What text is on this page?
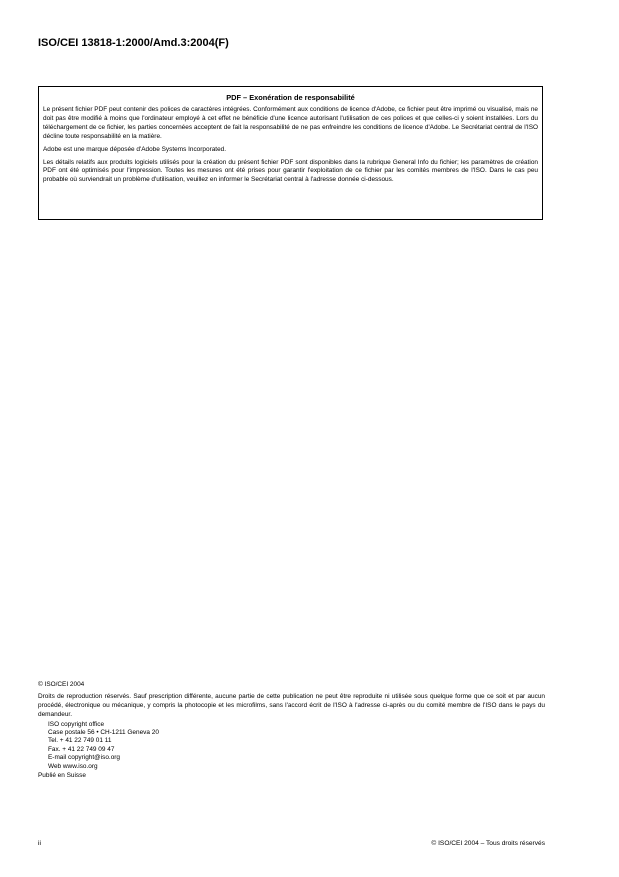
ISO/CEI 13818-1:2000/Amd.3:2004(F)
PDF – Exonération de responsabilité

Le présent fichier PDF peut contenir des polices de caractères intégrées. Conformément aux conditions de licence d'Adobe, ce fichier peut être imprimé ou visualisé, mais ne doit pas être modifié à moins que l'ordinateur employé à cet effet ne bénéficie d'une licence autorisant l'utilisation de ces polices et que celles-ci y soient installées. Lors du téléchargement de ce fichier, les parties concernées acceptent de fait la responsabilité de ne pas enfreindre les conditions de licence d'Adobe. Le Secrétariat central de l'ISO décline toute responsabilité en la matière.

Adobe est une marque déposée d'Adobe Systems Incorporated.

Les détails relatifs aux produits logiciels utilisés pour la création du présent fichier PDF sont disponibles dans la rubrique General Info du fichier; les paramètres de création PDF ont été optimisés pour l'impression. Toutes les mesures ont été prises pour garantir l'exploitation de ce fichier par les comités membres de l'ISO. Dans le cas peu probable où surviendrait un problème d'utilisation, veuillez en informer le Secrétariat central à l'adresse donnée ci-dessous.

© ISO/CEI 2004

Droits de reproduction réservés. Sauf prescription différente, aucune partie de cette publication ne peut être reproduite ni utilisée sous quelque forme que ce soit et par aucun procédé, électronique ou mécanique, y compris la photocopie et les microfilms, sans l'accord écrit de l'ISO à l'adresse ci-après ou du comité membre de l'ISO dans le pays du demandeur.

ISO copyright office
Case postale 56 • CH-1211 Geneva 20
Tel. + 41 22 749 01 11
Fax. + 41 22 749 09 47
E-mail copyright@iso.org
Web www.iso.org
Publié en Suisse
ii	© ISO/CEI 2004 – Tous droits réservés
